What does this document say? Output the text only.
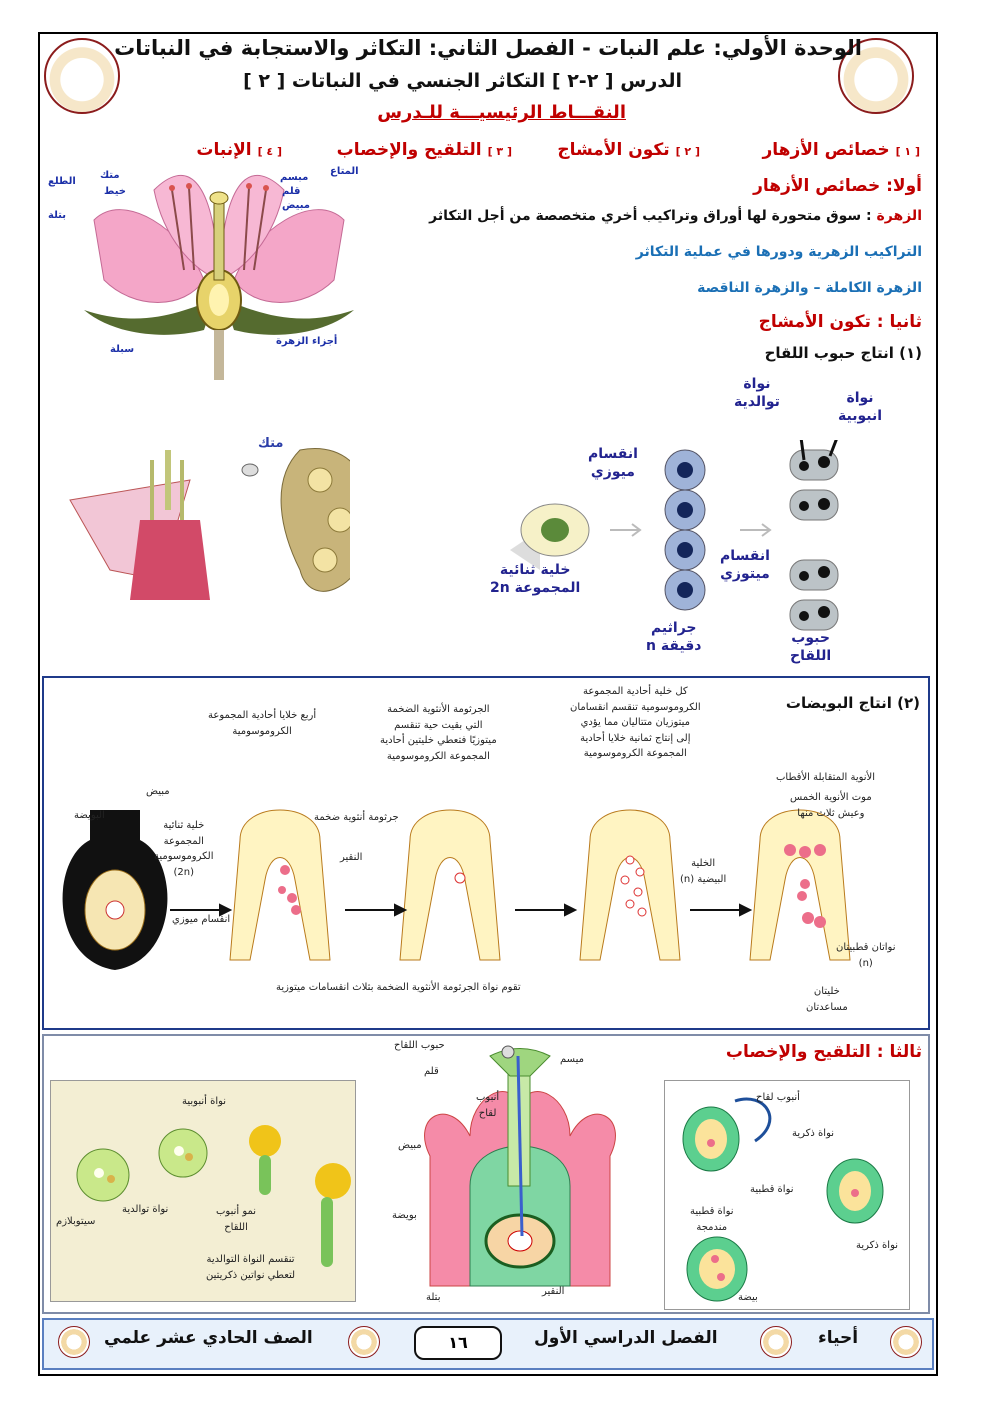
الوحدة الأولي: علم النبات - الفصل الثاني: التكاثر والاستجابة في النباتات
الدرس [ ٢-٢ ] التكاثر الجنسي في النباتات [ ٢ ]
النقـــاط الرئيسيـــة للـدرس
[ ١ ] خصائص الأزهار
[ ٢ ] تكون الأمشاج
[ ٣ ] التلقيح والإخصاب
[ ٤ ] الإنبات
أولا: خصائص الأزهار
الزهرة : سوق متحورة لها أوراق وتراكيب أخري متخصصة من أجل التكاثر
التراكيب الزهرية ودورها في عملية التكاثر
الزهرة الكاملة – والزهرة الناقصة
ثانيا : تكون الأمشاج
(١) انتاج حبوب اللقاح
متك
خيط
الطلع
بتلة
سبلة
مبسم
قلم
مبيض
المتاع
أجزاء الزهرة
متك
خلية ثنائية
المجموعة 2n
انقسام
ميوزي
جراثيم
دقيقة n
انقسام
ميتوزي
نواة
توالدية	نواة
انبوبية
حبوب
اللقاح
(٢) انتاج البويضات
البويضة
مبيض
خلية ثنائية
المجموعة
الكروموسومية
(2n)
انقسام ميوزي
جرثومة أنثوية ضخمة
النقير
أربع خلايا أحادية المجموعة
الكروموسومية
الجرثومة الأنثوية الضخمة
التي بقيت حية تنقسم
ميتوزيًا فتعطي خليتين أحادية
المجموعة الكروموسومية
كل خلية أحادية المجموعة
الكروموسومية تنقسم انقسامان
ميتوزيان متتاليان مما يؤدي
إلى إنتاج ثمانية خلايا أحادية
المجموعة الكروموسومية
الخلية
البيضية (n)
الأنوية المتقابلة الأقطاب
موت الأنوية الخمس
وعيش ثلاث منها
نواتان قطبيتان
(n)
خليتان
مساعدتان
تقوم نواة الجرثومة الأنثوية الضخمة بثلاث انقسامات ميتوزية
ثالثا : التلقيح والإخصاب
نواة أنبوبية
نواة توالدية
سيتوبلازم
نمو أنبوب
اللقاح
تنقسم النواة التوالدية
لتعطي نواتين ذكريتين
حبوب اللقاح
ميسم
قلم
أنبوب
لقاح
مبيض
بويضة
بتلة
النقير
أنبوب لقاح
نواة ذكرية
نواة قطبية
نواة ذكرية
نواة قطبية
مندمجة
بيضة
أحياء
الفصل الدراسي الأول
١٦
الصف الحادي عشر علمي
